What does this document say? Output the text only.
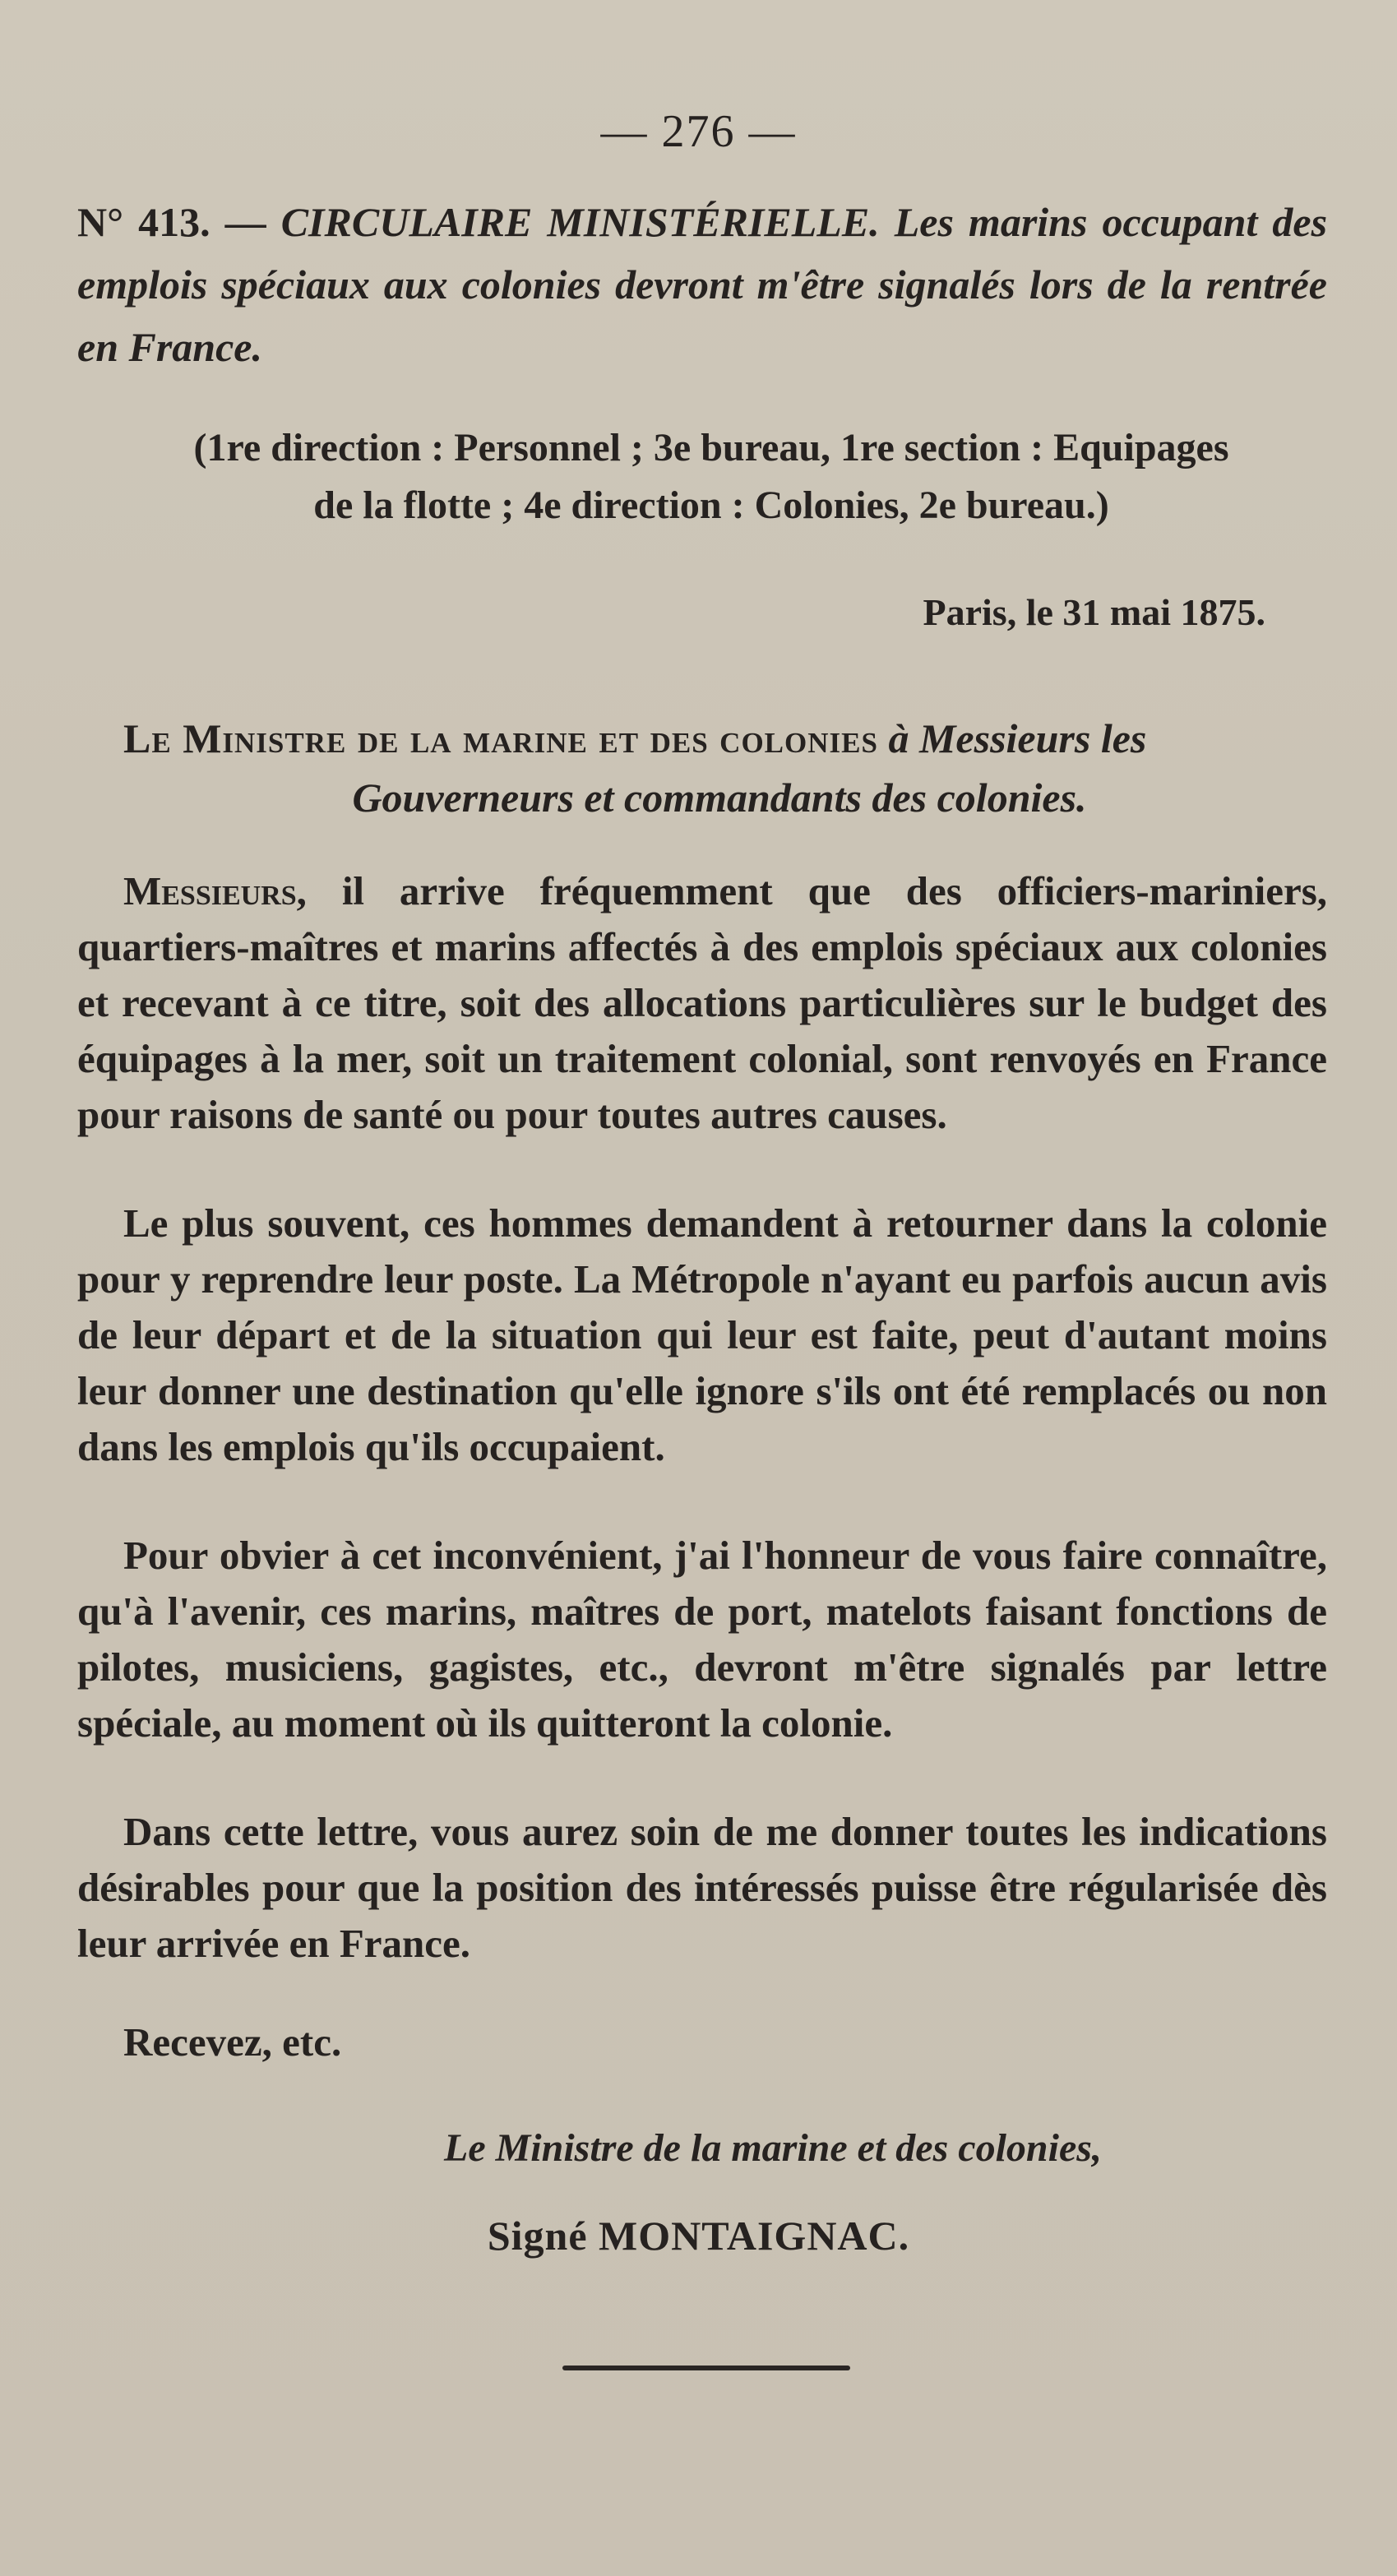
— 276 —

N° 413. — CIRCULAIRE MINISTÉRIELLE. Les marins occupant des emplois spéciaux aux colonies devront m'être signalés lors de la rentrée en France.

(1re direction : Personnel ; 3e bureau, 1re section : Equipages
de la flotte ; 4e direction : Colonies, 2e bureau.)
Paris, le 31 mai 1875.

Le Ministre de la marine et des colonies à Messieurs les
Gouverneurs et commandants des colonies.

Messieurs, il arrive fréquemment que des officiers-mariniers, quartiers-maîtres et marins affectés à des emplois spéciaux aux colonies et recevant à ce titre, soit des allocations particulières sur le budget des équipages à la mer, soit un traitement colonial, sont renvoyés en France pour raisons de santé ou pour toutes autres causes.

Le plus souvent, ces hommes demandent à retourner dans la colonie pour y reprendre leur poste. La Métropole n'ayant eu parfois aucun avis de leur départ et de la situation qui leur est faite, peut d'autant moins leur donner une destination qu'elle ignore s'ils ont été remplacés ou non dans les emplois qu'ils occupaient.

Pour obvier à cet inconvénient, j'ai l'honneur de vous faire connaître, qu'à l'avenir, ces marins, maîtres de port, matelots faisant fonctions de pilotes, musiciens, gagistes, etc., devront m'être signalés par lettre spéciale, au moment où ils quitteront la colonie.

Dans cette lettre, vous aurez soin de me donner toutes les indications désirables pour que la position des intéressés puisse être régularisée dès leur arrivée en France.

Recevez, etc.

Le Ministre de la marine et des colonies,
Signé MONTAIGNAC.
